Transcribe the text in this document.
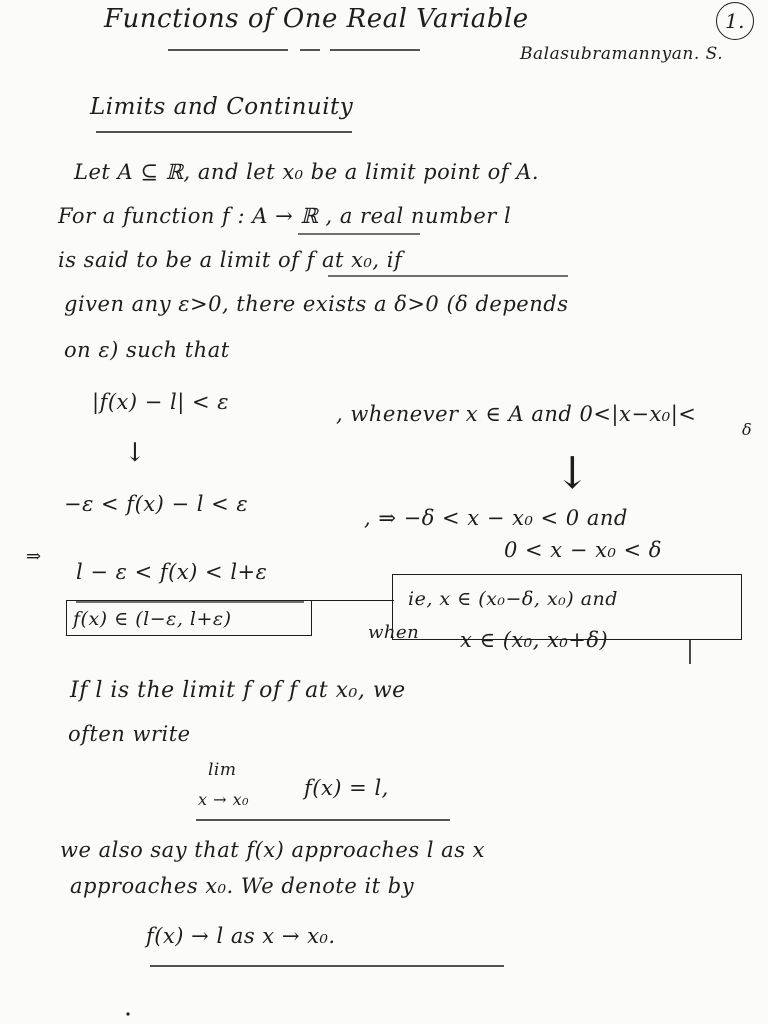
Functions of One Real Variable	1.
Balasubramannyan. S.
Limits and Continuity
Let A ⊆ ℝ, and let x₀ be a limit point of A.
For a function f : A → ℝ , a real number l
is said to be a limit of f at x₀, if
given any ε>0, there exists a δ>0 (δ depends
on ε) such that
|f(x) − l| < ε	, whenever x ∈ A and 0<|x−x₀|<
δ
↓	↓
−ε < f(x) − l < ε
, ⇒ −δ < x − x₀ < 0 and
0 < x − x₀ < δ
⇒
l − ε < f(x) < l+ε
f(x) ∈ (l−ε, l+ε)
when
ie, x ∈ (x₀−δ, x₀) and
x ∈ (x₀, x₀+δ)
If l is the limit f of f at x₀, we
often write
lim
x → x₀	f(x) = l,
we also say that f(x) approaches l as x
approaches x₀. We denote it by
f(x) → l as x → x₀.
